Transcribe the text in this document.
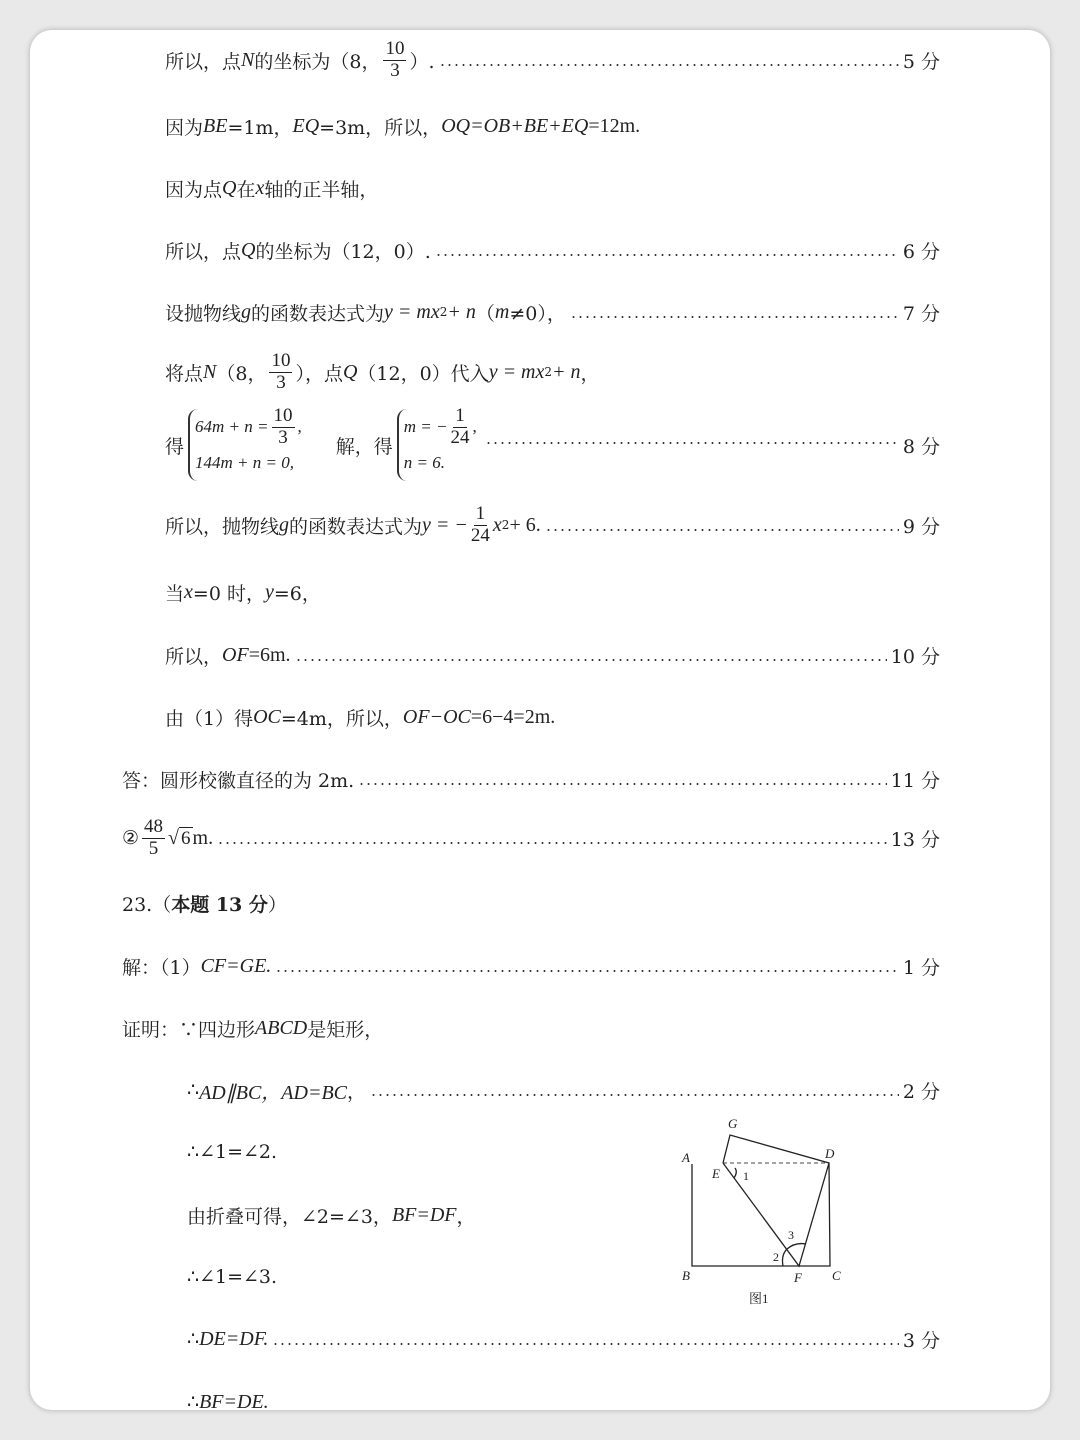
所以，点 N 的坐标为（8， $\frac{10}{3}$ ）.	5 分
因为 BE =1m， EQ =3m，所以， OQ=OB+BE+EQ =12m.
因为点 Q 在 x 轴的正半轴，
所以，点 Q 的坐标为（12，0）.	6 分
设抛物线 g 的函数表达式为 y = mx 2 + n （ m ≠0），	7 分
将点 N （8， $\frac{10}{3}$ ），点 Q （12，0）代入 y = mx 2 + n ，
得
$64m + n = \frac{10}{3}$ ,
144m + n = 0,
解，得
m = − $\frac{1}{24}$ ,
n = 6.
8 分
所以，抛物线 g 的函数表达式为 y = − $\frac{1}{24}$ x 2 + 6.	9 分
当 x =0 时， y =6，
所以， OF =6m.	10 分
由（1）得 OC =4m，所以， OF−OC =6−4=2m.
答：圆形校徽直径的为 2m.	11 分
② $\frac{48}{5}$ √ 6 m.	13 分
23.（ 本题 13 分 ）
解：（1） CF=GE.	1 分
证明：∵四边形 ABCD 是矩形，
∴ AD∥BC，AD=BC ，	2 分
∴∠1=∠2.
由折叠可得，∠2=∠3， BF=DF ，
∴∠1=∠3.
∴ DE=DF.	3 分
∴ BF=DE.
A
B	C
D
E
F
G
1
2
3
图1
